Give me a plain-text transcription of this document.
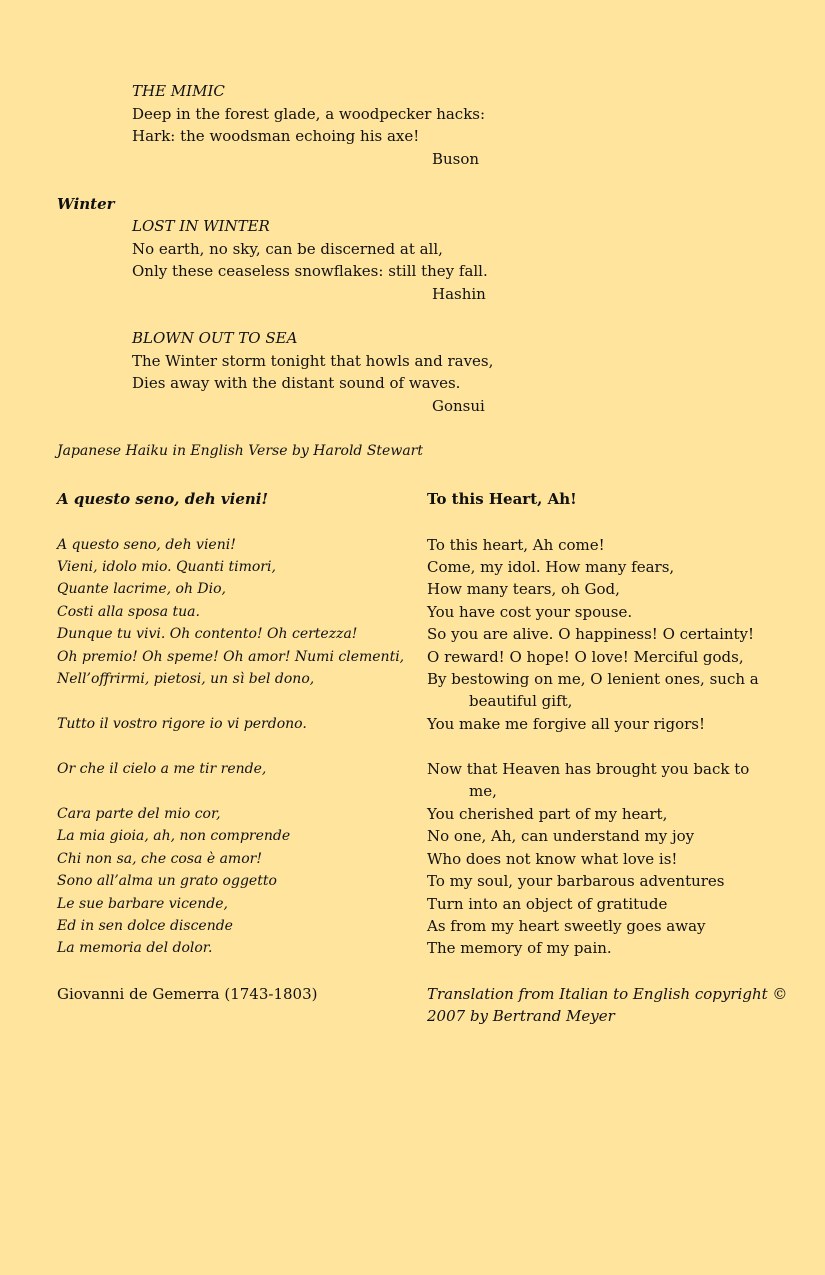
THE MIMIC
Deep in the forest glade, a woodpecker hacks:
Hark: the woodsman echoing his axe!
Buson
Winter
LOST IN WINTER
No earth, no sky, can be discerned at all,
Only these ceaseless snowflakes: still they fall.
Hashin
BLOWN OUT TO SEA
The Winter storm tonight that howls and raves,
Dies away with the distant sound of waves.
Gonsui
Japanese Haiku in English Verse by Harold Stewart
A questo seno, deh vieni!	To this Heart, Ah!
A questo seno, deh vieni!
Vieni, idolo mio. Quanti timori,
Quante lacrime, oh Dio,
Costi alla sposa tua.
Dunque tu vivi. Oh contento! Oh certezza!
Oh premio! Oh speme! Oh amor! Numi clementi,
Nell’offrirmi, pietosi, un sì bel dono,
Tutto il vostro rigore io vi perdono.
Or che il cielo a me tir rende,
Cara parte del mio cor,
La mia gioia, ah, non comprende
Chi non sa, che cosa è amor!
Sono all’alma un grato oggetto
Le sue barbare vicende,
Ed in sen dolce discende
La memoria del dolor.
To this heart, Ah come!
Come, my idol. How many fears,
How many tears, oh God,
You have cost your spouse.
So you are alive. O happiness! O certainty!
O reward! O hope! O love! Merciful gods,
By bestowing on me, O lenient ones, such a
beautiful gift,
You make me forgive all your rigors!
Now that Heaven has brought you back to
me,
You cherished part of my heart,
No one, Ah, can understand my joy
Who does not know what love is!
To my soul, your barbarous adventures
Turn into an object of gratitude
As from my heart sweetly goes away
The memory of my pain.
Giovanni de Gemerra (1743-1803)	Translation from Italian to English copyright ©
2007 by Bertrand Meyer
